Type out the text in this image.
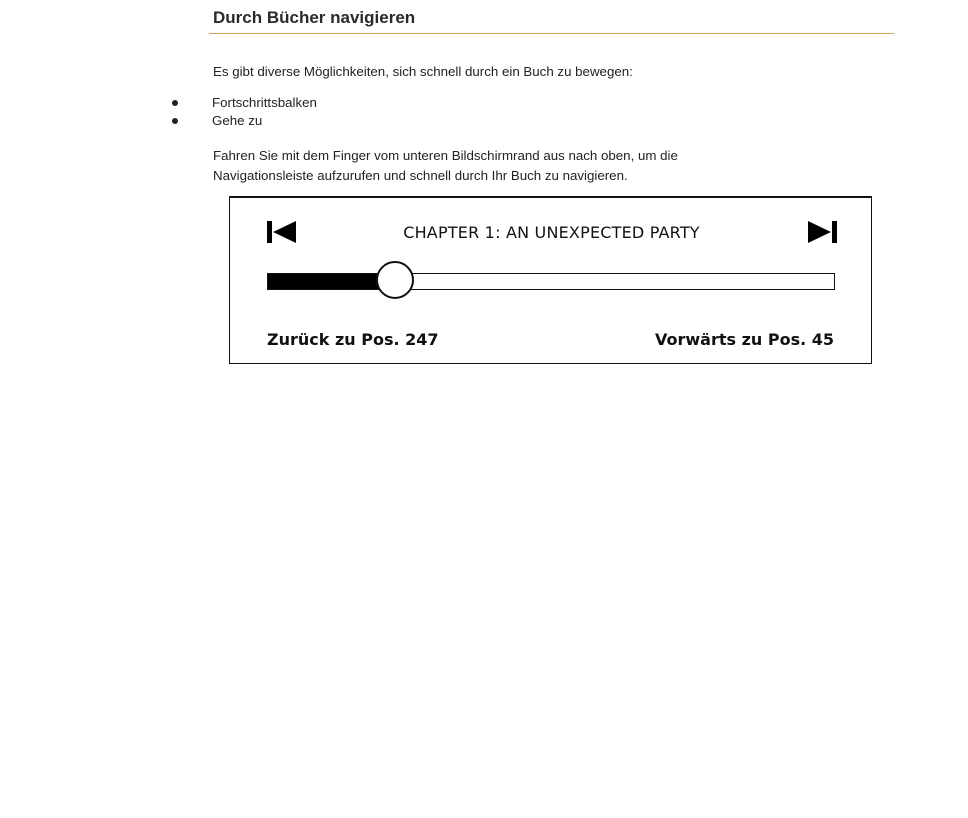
Durch Bücher navigieren

Es gibt diverse Möglichkeiten, sich schnell durch ein Buch zu bewegen:

Fortschrittsbalken
Gehe zu

Fahren Sie mit dem Finger vom unteren Bildschirmrand aus nach oben, um die
Navigationsleiste aufzurufen und schnell durch Ihr Buch zu navigieren.

CHAPTER 1: AN UNEXPECTED PARTY
Zurück zu Pos. 247	Vorwärts zu Pos. 45
